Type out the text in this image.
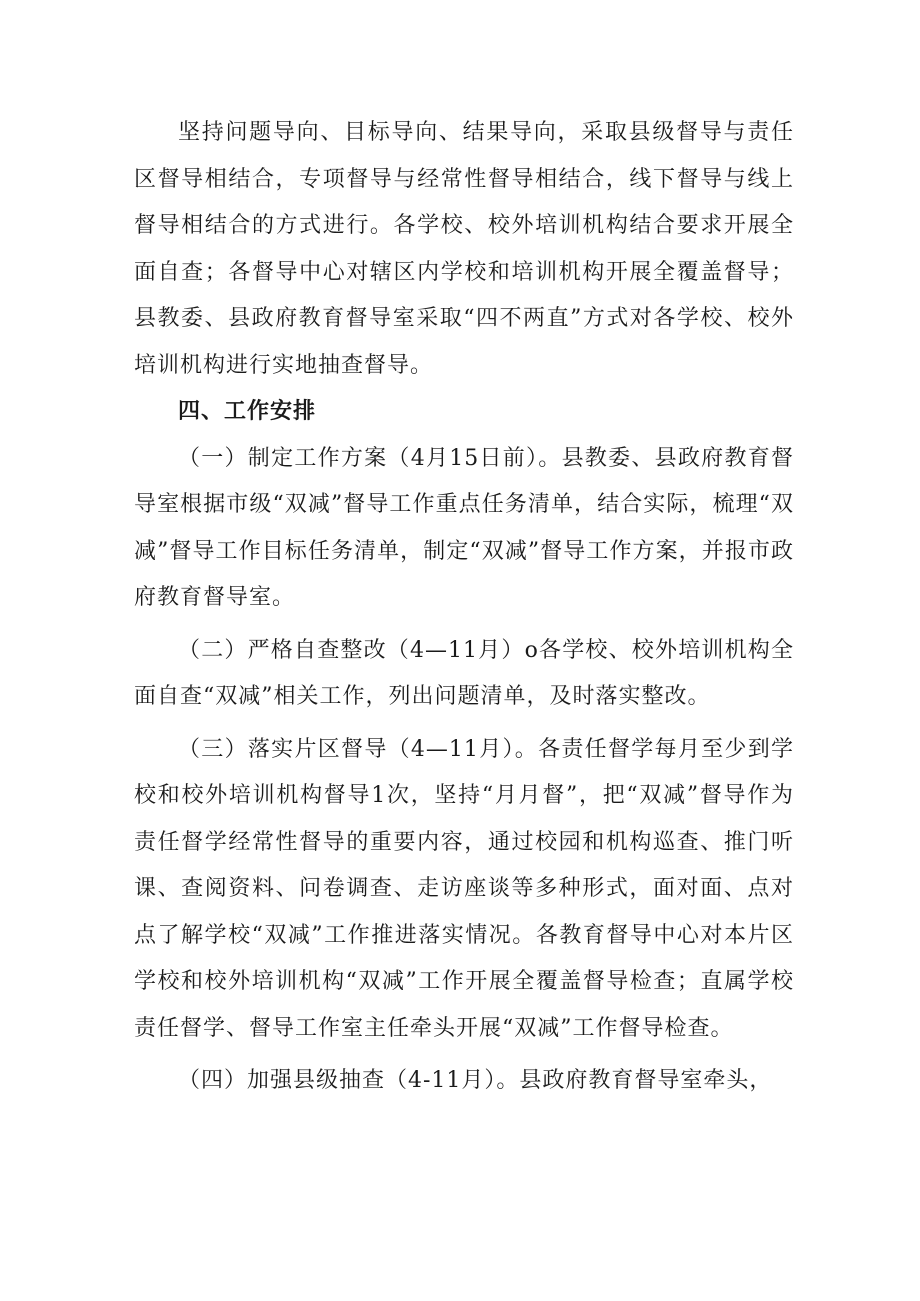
坚持问题导向、目标导向、结果导向，采取县级督导与责任区督导相结合，专项督导与经常性督导相结合，线下督导与线上督导相结合的方式进行。各学校、校外培训机构结合要求开展全面自查；各督导中心对辖区内学校和培训机构开展全覆盖督导；县教委、县政府教育督导室采取“四不两直”方式对各学校、校外培训机构进行实地抽查督导。

四、工作安排

（一）制定工作方案（4月15日前）。县教委、县政府教育督导室根据市级“双减”督导工作重点任务清单，结合实际，梳理“双减”督导工作目标任务清单，制定“双减”督导工作方案，并报市政府教育督导室。

（二）严格自查整改（4—11月）o各学校、校外培训机构全面自查“双减”相关工作，列出问题清单，及时落实整改。

（三）落实片区督导（4—11月）。各责任督学每月至少到学校和校外培训机构督导1次，坚持“月月督”，把“双减”督导作为责任督学经常性督导的重要内容，通过校园和机构巡查、推门听课、查阅资料、问卷调查、走访座谈等多种形式，面对面、点对点了解学校“双减”工作推进落实情况。各教育督导中心对本片区学校和校外培训机构“双减”工作开展全覆盖督导检查；直属学校责任督学、督导工作室主任牵头开展“双减”工作督导检查。

（四）加强县级抽查（4-11月）。县政府教育督导室牵头，
